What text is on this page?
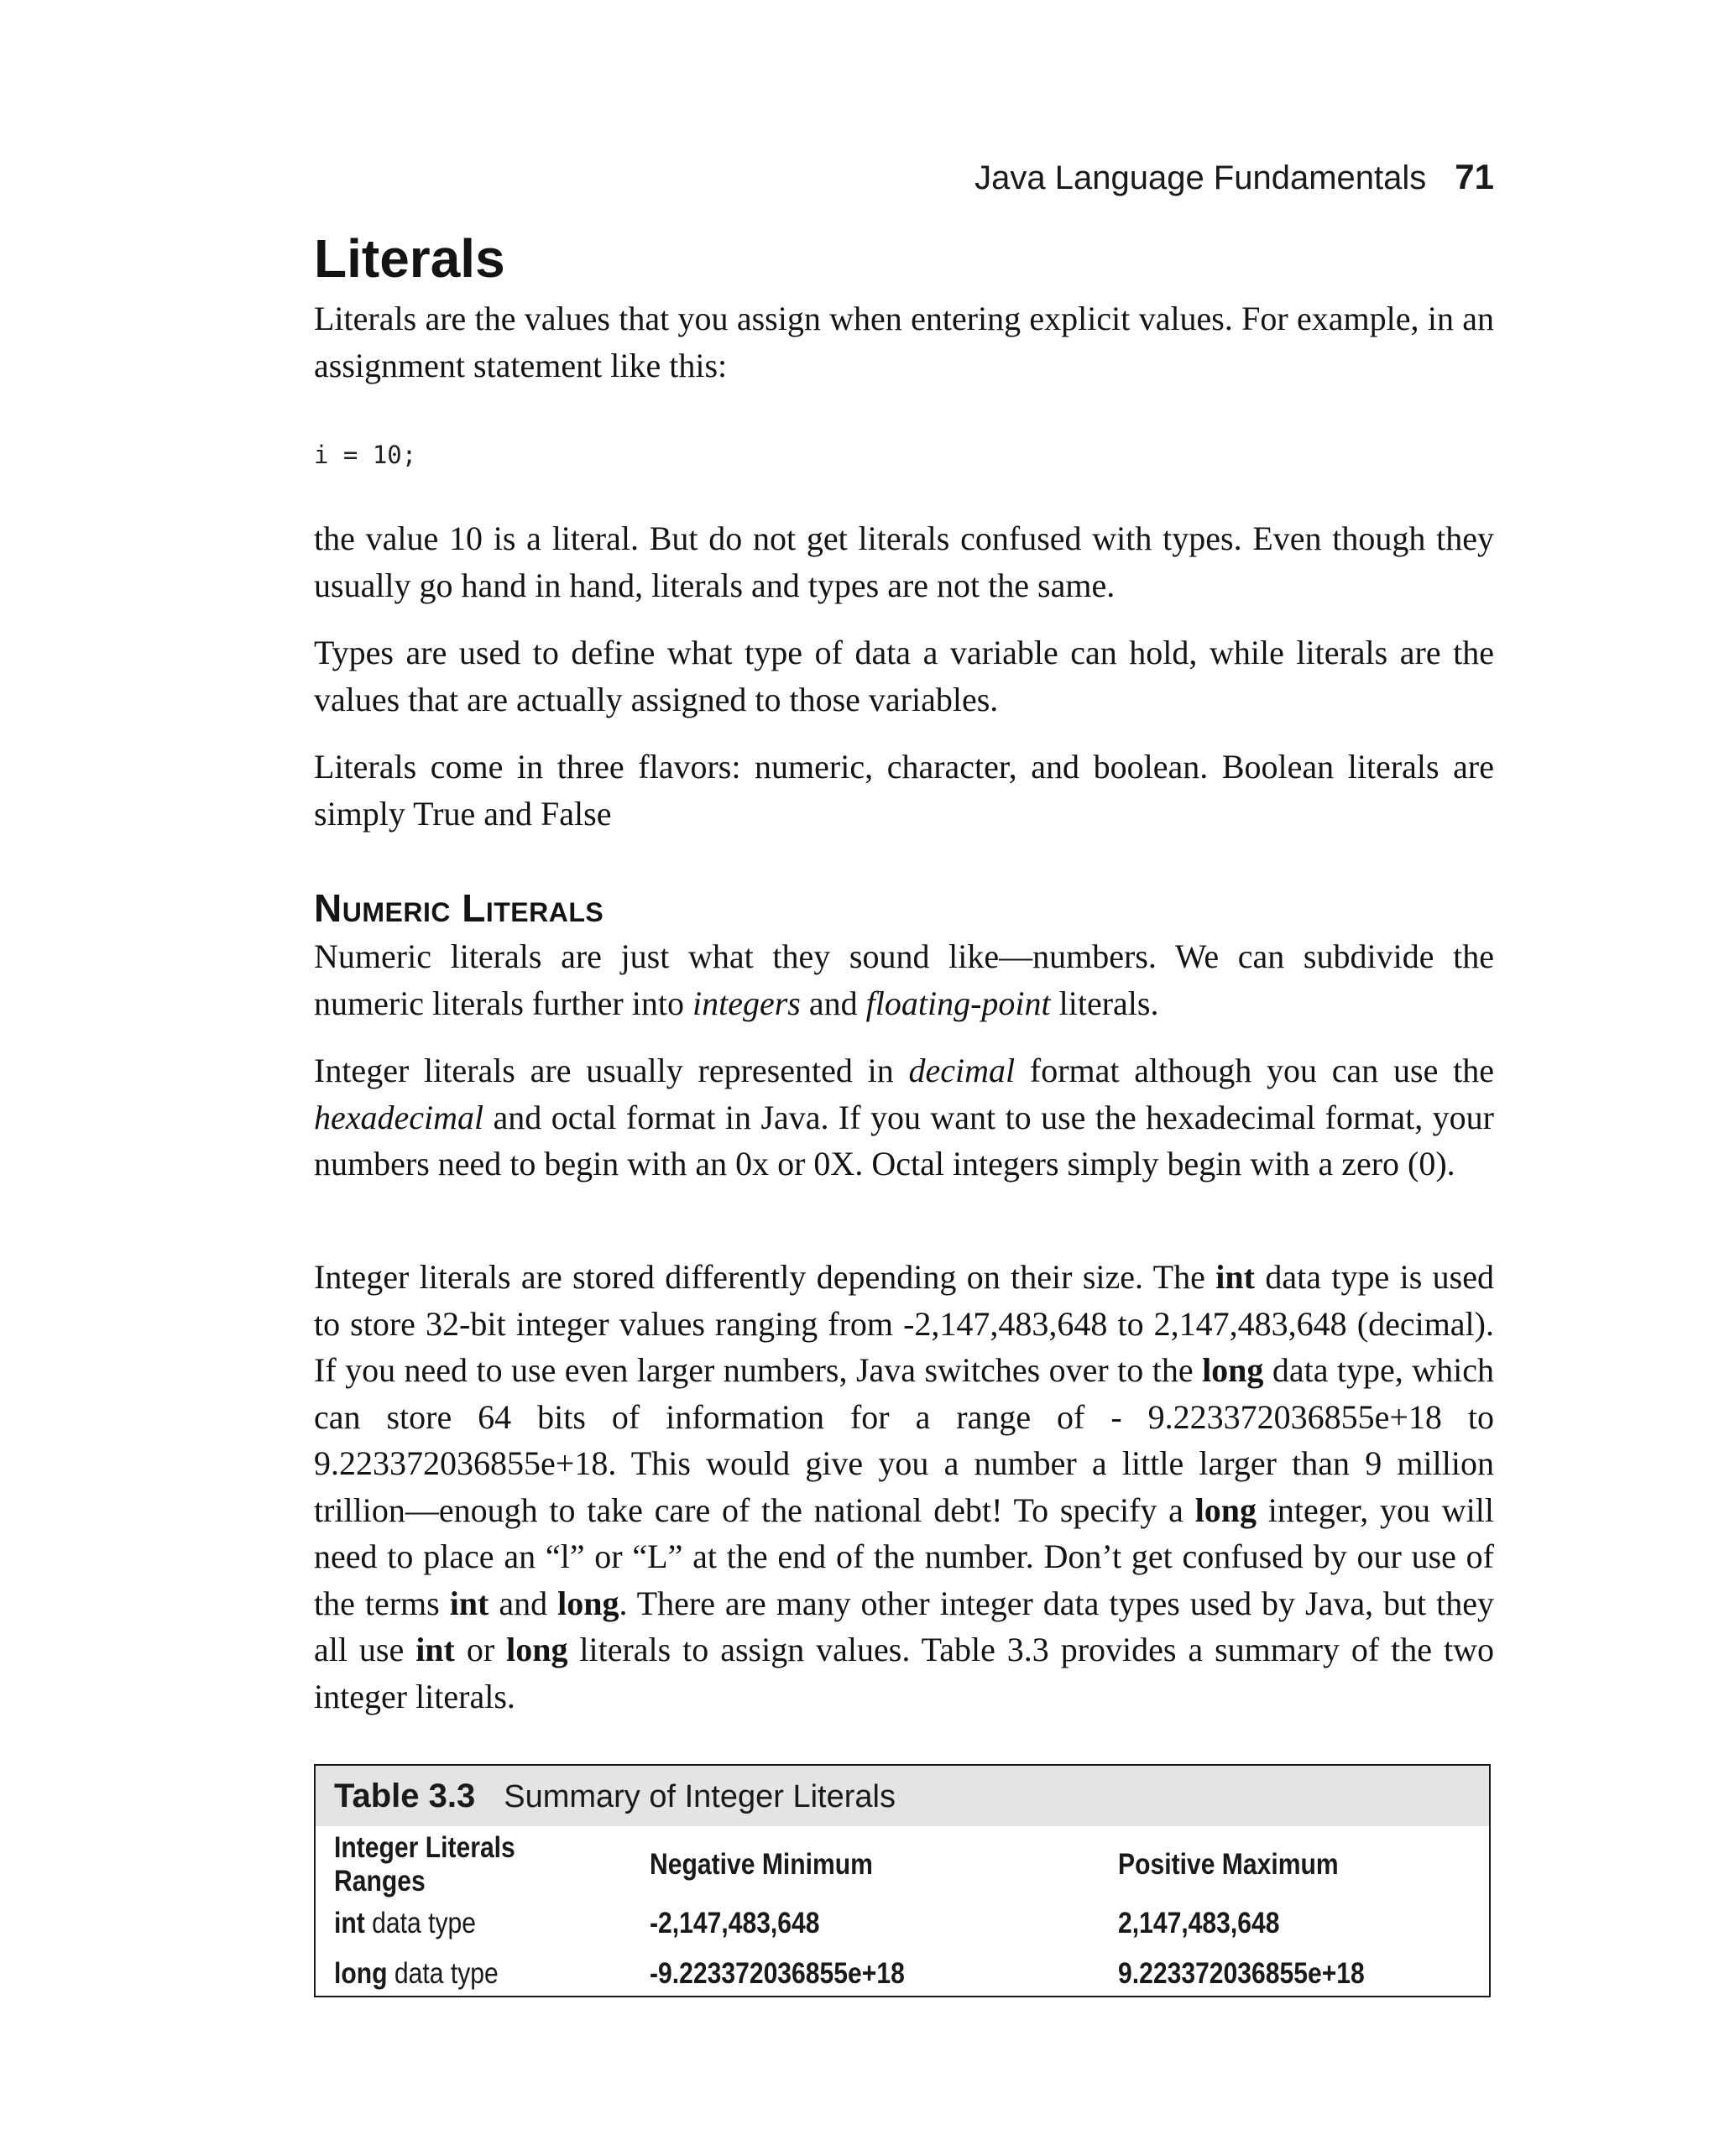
Java Language Fundamentals 71
Literals

Literals are the values that you assign when entering explicit values. For example, in an assignment statement like this:

i = 10;

the value 10 is a literal. But do not get literals confused with types. Even though they usually go hand in hand, literals and types are not the same.

Types are used to define what type of data a variable can hold, while literals are the values that are actually assigned to those variables.

Literals come in three flavors: numeric, character, and boolean. Boolean literals are simply True and False

Numeric Literals

Numeric literals are just what they sound like—numbers. We can subdivide the numeric literals further into integers and floating-point literals.

Integer literals are usually represented in decimal format although you can use the hexadecimal and octal format in Java. If you want to use the hexadecimal format, your numbers need to begin with an 0x or 0X. Octal integers simply begin with a zero (0).

Integer literals are stored differently depending on their size. The int data type is used to store 32-bit integer values ranging from -2,147,483,648 to 2,147,483,648 (decimal). If you need to use even larger numbers, Java switches over to the long data type, which can store 64 bits of information for a range of - 9.223372036855e+18 to 9.223372036855e+18. This would give you a number a little larger than 9 million trillion—enough to take care of the national debt! To specify a long integer, you will need to place an “l” or “L” at the end of the number. Don’t get confused by our use of the terms int and long. There are many other integer data types used by Java, but they all use int or long literals to assign values. Table 3.3 provides a summary of the two integer literals.

Table 3.3 Summary of Integer Literals
Integer Literals Ranges	Negative Minimum	Positive Maximum
int data type	-2,147,483,648	2,147,483,648
long data type	-9.223372036855e+18	9.223372036855e+18
